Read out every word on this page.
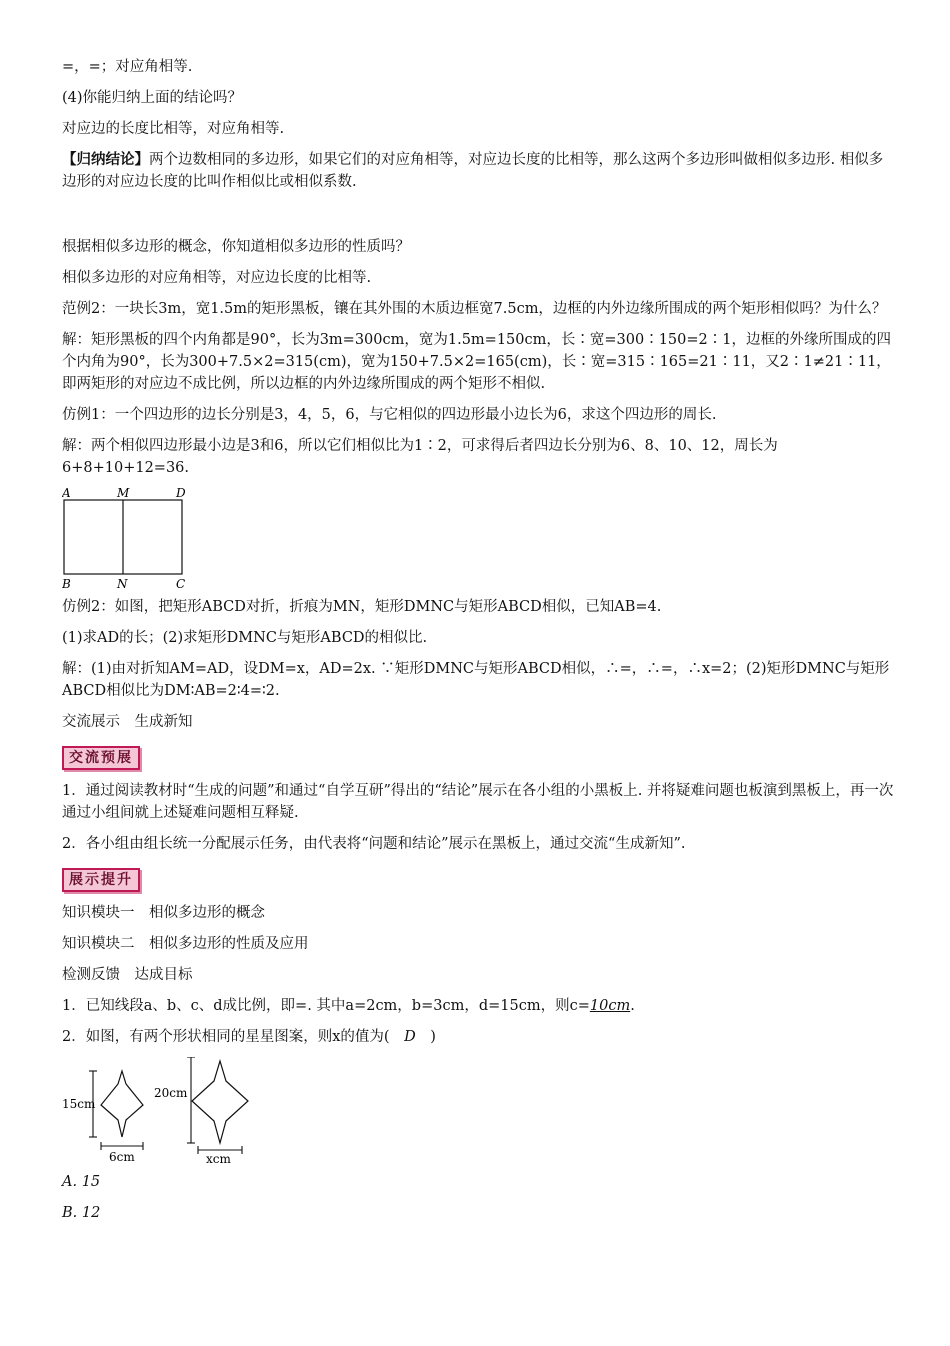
=，=；对应角相等.

(4)你能归纳上面的结论吗？

对应边的长度比相等，对应角相等.

【归纳结论】两个边数相同的多边形，如果它们的对应角相等，对应边长度的比相等，那么这两个多边形叫做相似多边形. 相似多边形的对应边长度的比叫作相似比或相似系数.

根据相似多边形的概念，你知道相似多边形的性质吗？

相似多边形的对应角相等，对应边长度的比相等.

范例2：一块长3m，宽1.5m的矩形黑板，镶在其外围的木质边框宽7.5cm，边框的内外边缘所围成的两个矩形相似吗？为什么？

解：矩形黑板的四个内角都是90°，长为3m=300cm，宽为1.5m=150cm，长∶宽=300∶150=2∶1，边框的外缘所围成的四个内角为90°，长为300+7.5×2=315(cm)，宽为150+7.5×2=165(cm)，长∶宽=315∶165=21∶11，又2∶1≠21∶11，即两矩形的对应边不成比例，所以边框的内外边缘所围成的两个矩形不相似.

仿例1：一个四边形的边长分别是3，4，5，6，与它相似的四边形最小边长为6，求这个四边形的周长.

解：两个相似四边形最小边是3和6，所以它们相似比为1∶2，可求得后者四边长分别为6、8、10、12，周长为6+8+10+12=36.

A	M	D
B	N	C

仿例2：如图，把矩形ABCD对折，折痕为MN，矩形DMNC与矩形ABCD相似，已知AB=4.

(1)求AD的长；(2)求矩形DMNC与矩形ABCD的相似比.

解：(1)由对折知AM=AD，设DM=x，AD=2x. ∵矩形DMNC与矩形ABCD相似，∴=，∴=，∴x=2；(2)矩形DMNC与矩形ABCD相似比为DM∶AB=2∶4=∶2.

交流展示　生成新知

交流预展

1．通过阅读教材时“生成的问题”和通过“自学互研”得出的“结论”展示在各小组的小黑板上. 并将疑难问题也板演到黑板上，再一次通过小组间就上述疑难问题相互释疑.

2．各小组由组长统一分配展示任务，由代表将“问题和结论”展示在黑板上，通过交流“生成新知”.

展示提升

知识模块一　相似多边形的概念

知识模块二　相似多边形的性质及应用

检测反馈　达成目标

1．已知线段a、b、c、d成比例，即=. 其中a=2cm，b=3cm，d=15cm，则c=10cm.

2．如图，有两个形状相同的星星图案，则x的值为(　D　)

15cm
6cm
20cm
xcm

A. 15

B. 12
